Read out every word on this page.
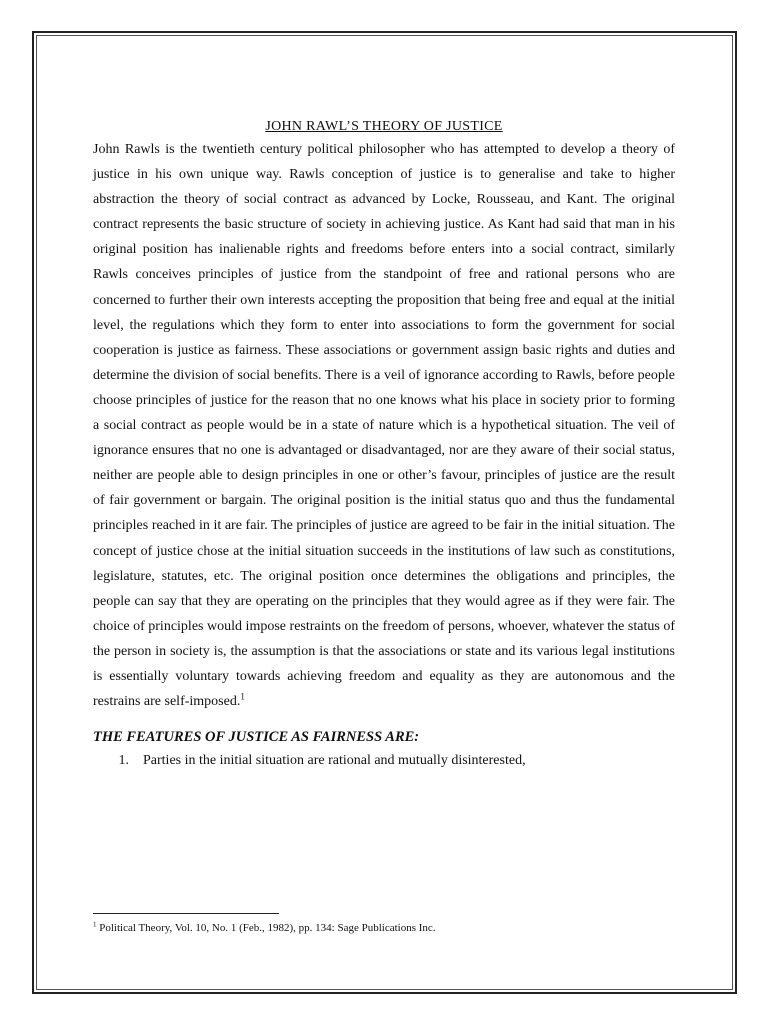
JOHN RAWL’S THEORY OF JUSTICE

John Rawls is the twentieth century political philosopher who has attempted to develop a theory of justice in his own unique way. Rawls conception of justice is to generalise and take to higher abstraction the theory of social contract as advanced by Locke, Rousseau, and Kant. The original contract represents the basic structure of society in achieving justice. As Kant had said that man in his original position has inalienable rights and freedoms before enters into a social contract, similarly Rawls conceives principles of justice from the standpoint of free and rational persons who are concerned to further their own interests accepting the proposition that being free and equal at the initial level, the regulations which they form to enter into associations to form the government for social cooperation is justice as fairness. These associations or government assign basic rights and duties and determine the division of social benefits. There is a veil of ignorance according to Rawls, before people choose principles of justice for the reason that no one knows what his place in society prior to forming a social contract as people would be in a state of nature which is a hypothetical situation. The veil of ignorance ensures that no one is advantaged or disadvantaged, nor are they aware of their social status, neither are people able to design principles in one or other’s favour, principles of justice are the result of fair government or bargain. The original position is the initial status quo and thus the fundamental principles reached in it are fair. The principles of justice are agreed to be fair in the initial situation. The concept of justice chose at the initial situation succeeds in the institutions of law such as constitutions, legislature, statutes, etc. The original position once determines the obligations and principles, the people can say that they are operating on the principles that they would agree as if they were fair. The choice of principles would impose restraints on the freedom of persons, whoever, whatever the status of the person in society is, the assumption is that the associations or state and its various legal institutions is essentially voluntary towards achieving freedom and equality as they are autonomous and the restrains are self-imposed.$^1$

THE FEATURES OF JUSTICE AS FAIRNESS ARE:
1.	Parties in the initial situation are rational and mutually disinterested,

$^1$ Political Theory, Vol. 10, No. 1 (Feb., 1982), pp. 134: Sage Publications Inc.
